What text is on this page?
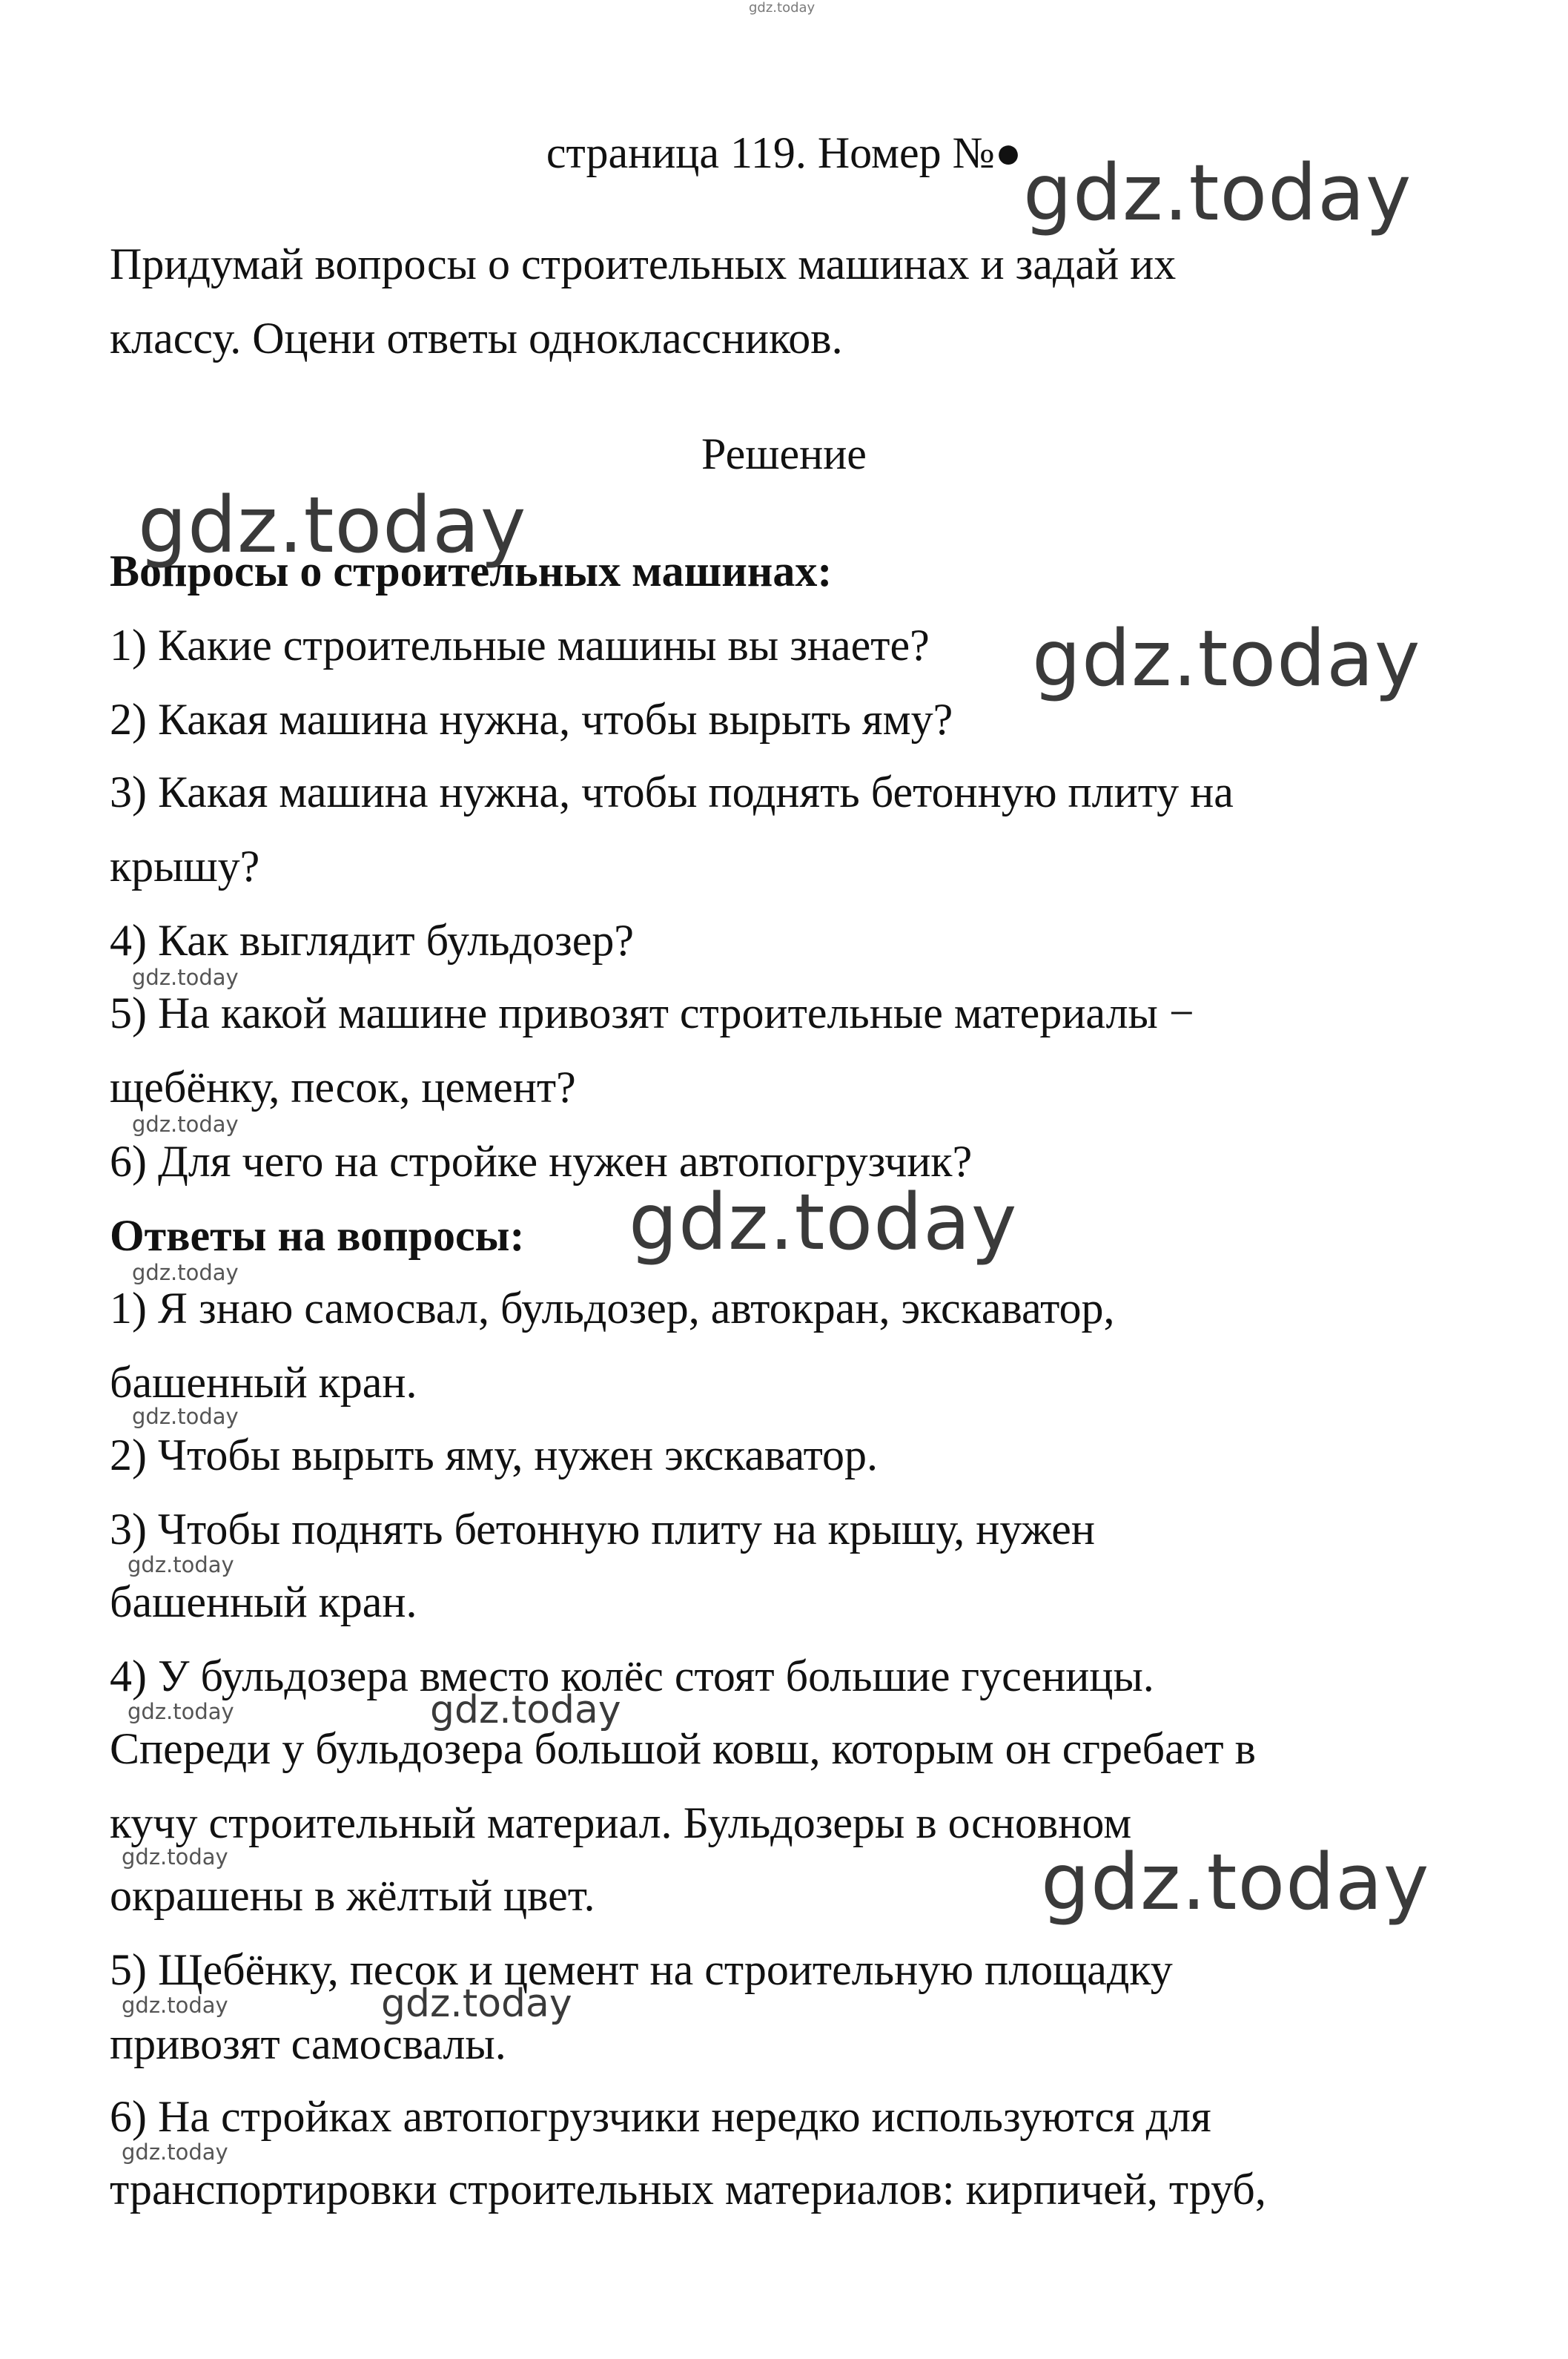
gdz.today
страница 119. Номер №●
Придумай вопросы о строительных машинах и задай их
классу. Оцени ответы одноклассников.
Решение
Вопросы о строительных машинах:
1) Какие строительные машины вы знаете?
2) Какая машина нужна, чтобы вырыть яму?
3) Какая машина нужна, чтобы поднять бетонную плиту на
крышу?
4) Как выглядит бульдозер?
5) На какой машине привозят строительные материалы −
щебёнку, песок, цемент?
6) Для чего на стройке нужен автопогрузчик?
Ответы на вопросы:
1) Я знаю самосвал, бульдозер, автокран, экскаватор,
башенный кран.
2) Чтобы вырыть яму, нужен экскаватор.
3) Чтобы поднять бетонную плиту на крышу, нужен
башенный кран.
4) У бульдозера вместо колёс стоят большие гусеницы.
Спереди у бульдозера большой ковш, которым он сгребает в
кучу строительный материал. Бульдозеры в основном
окрашены в жёлтый цвет.
5) Щебёнку, песок и цемент на строительную площадку
привозят самосвалы.
6) На стройках автопогрузчики нередко используются для
транспортировки строительных материалов: кирпичей, труб,
gdz.today
gdz.today
gdz.today
gdz.today
gdz.today
gdz.today
gdz.today
gdz.today
gdz.today
gdz.today
gdz.today
gdz.today
gdz.today
gdz.today
gdz.today
gdz.today
